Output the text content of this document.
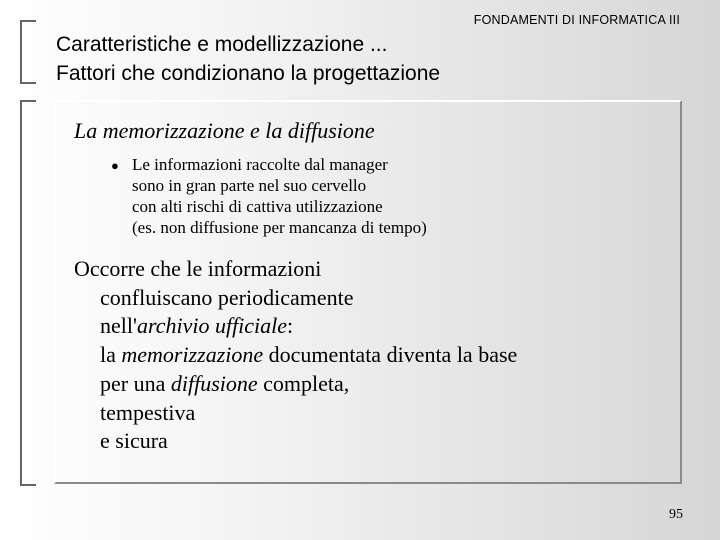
FONDAMENTI DI INFORMATICA III
Caratteristiche e modellizzazione ...
Fattori che condizionano la progettazione
La memorizzazione e la diffusione
● Le informazioni raccolte dal manager
sono in gran parte nel suo cervello
con alti rischi di cattiva utilizzazione
(es. non diffusione per mancanza di tempo)
Occorre che le informazioni
confluiscano periodicamente
nell'archivio ufficiale:
la memorizzazione documentata diventa la base
per una diffusione completa,
tempestiva
e sicura
95
